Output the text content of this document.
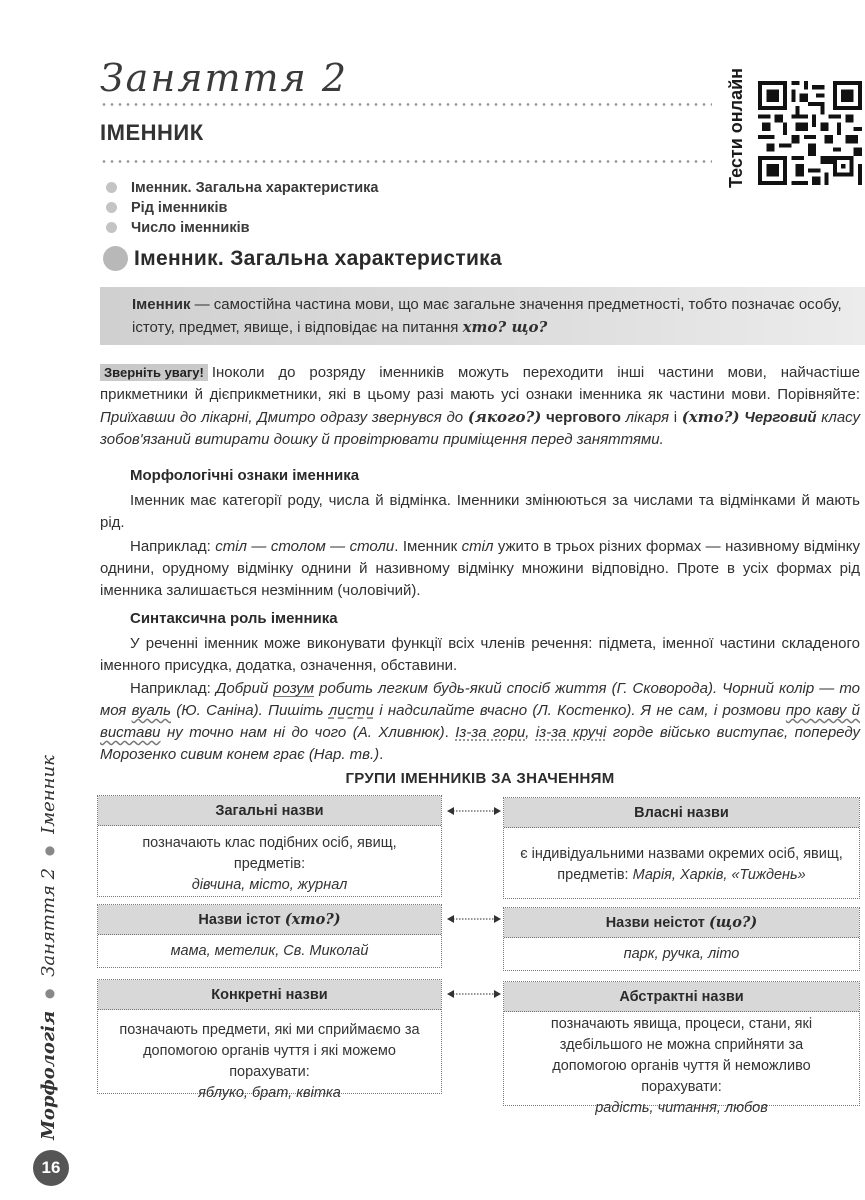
Заняття 2
ІМЕННИК	Тести онлайн
Іменник. Загальна характеристика
Рід іменників
Число іменників
Іменник. Загальна характеристика
Іменник — самостійна частина мови, що має загальне значення предметності, тобто позначає особу, істоту, предмет, явище, і відповідає на питання хто? що?
Зверніть увагу! Іноколи до розряду іменників можуть переходити інші частини мови, найчастіше прикметники й дієприкметники, які в цьому разі мають усі ознаки іменника як частини мови. Порівняйте: Приїхавши до лікарні, Дмитро одразу звернувся до (якого?) чергового лікаря і (хто?) Черговий класу зобов'язаний витирати дошку й провітрювати приміщення перед заняттями.
Морфологічні ознаки іменника
Іменник має категорії роду, числа й відмінка. Іменники змінюються за числами та відмінками й мають рід.
Наприклад: стіл — столом — столи. Іменник стіл ужито в трьох різних формах — називному відмінку однини, орудному відмінку однини й називному відмінку множини відповідно. Проте в усіх формах рід іменника залишається незмінним (чоловічий).
Синтаксична роль іменника
У реченні іменник може виконувати функції всіх членів речення: підмета, іменної частини складеного іменного присудка, додатка, означення, обставини.
Наприклад: Добрий розум робить легким будь-який спосіб життя (Г. Сковорода). Чорний колір — то моя вуаль (Ю. Саніна). Пишіть листи і надсилайте вчасно (Л. Костенко). Я не сам, і розмови про каву й вистави ну точно нам ні до чого (А. Хливнюк). Із-за гори, із-за кручі горде військо виступає, попереду Морозенко сивим конем грає (Нар. тв.).
ГРУПИ ІМЕННИКІВ ЗА ЗНАЧЕННЯМ
Загальні назви
позначають клас подібних осіб, явищ, предметів:
дівчина, місто, журнал
Власні назви
є індивідуальними назвами окремих осіб, явищ, предметів: Марія, Харків, «Тиждень»
Назви істот (хто?)
мама, метелик, Св. Миколай
Назви неістот (що?)
парк, ручка, літо
Конкретні назви
позначають предмети, які ми сприймаємо за допомогою органів чуття і які можемо порахувати:
яблуко, брат, квітка
Абстрактні назви
позначають явища, процеси, стани, які здебільшого не можна сприйняти за допомогою органів чуття й неможливо порахувати:
радість, читання, любов
Морфологія ● Заняття 2 ● Іменник
16
